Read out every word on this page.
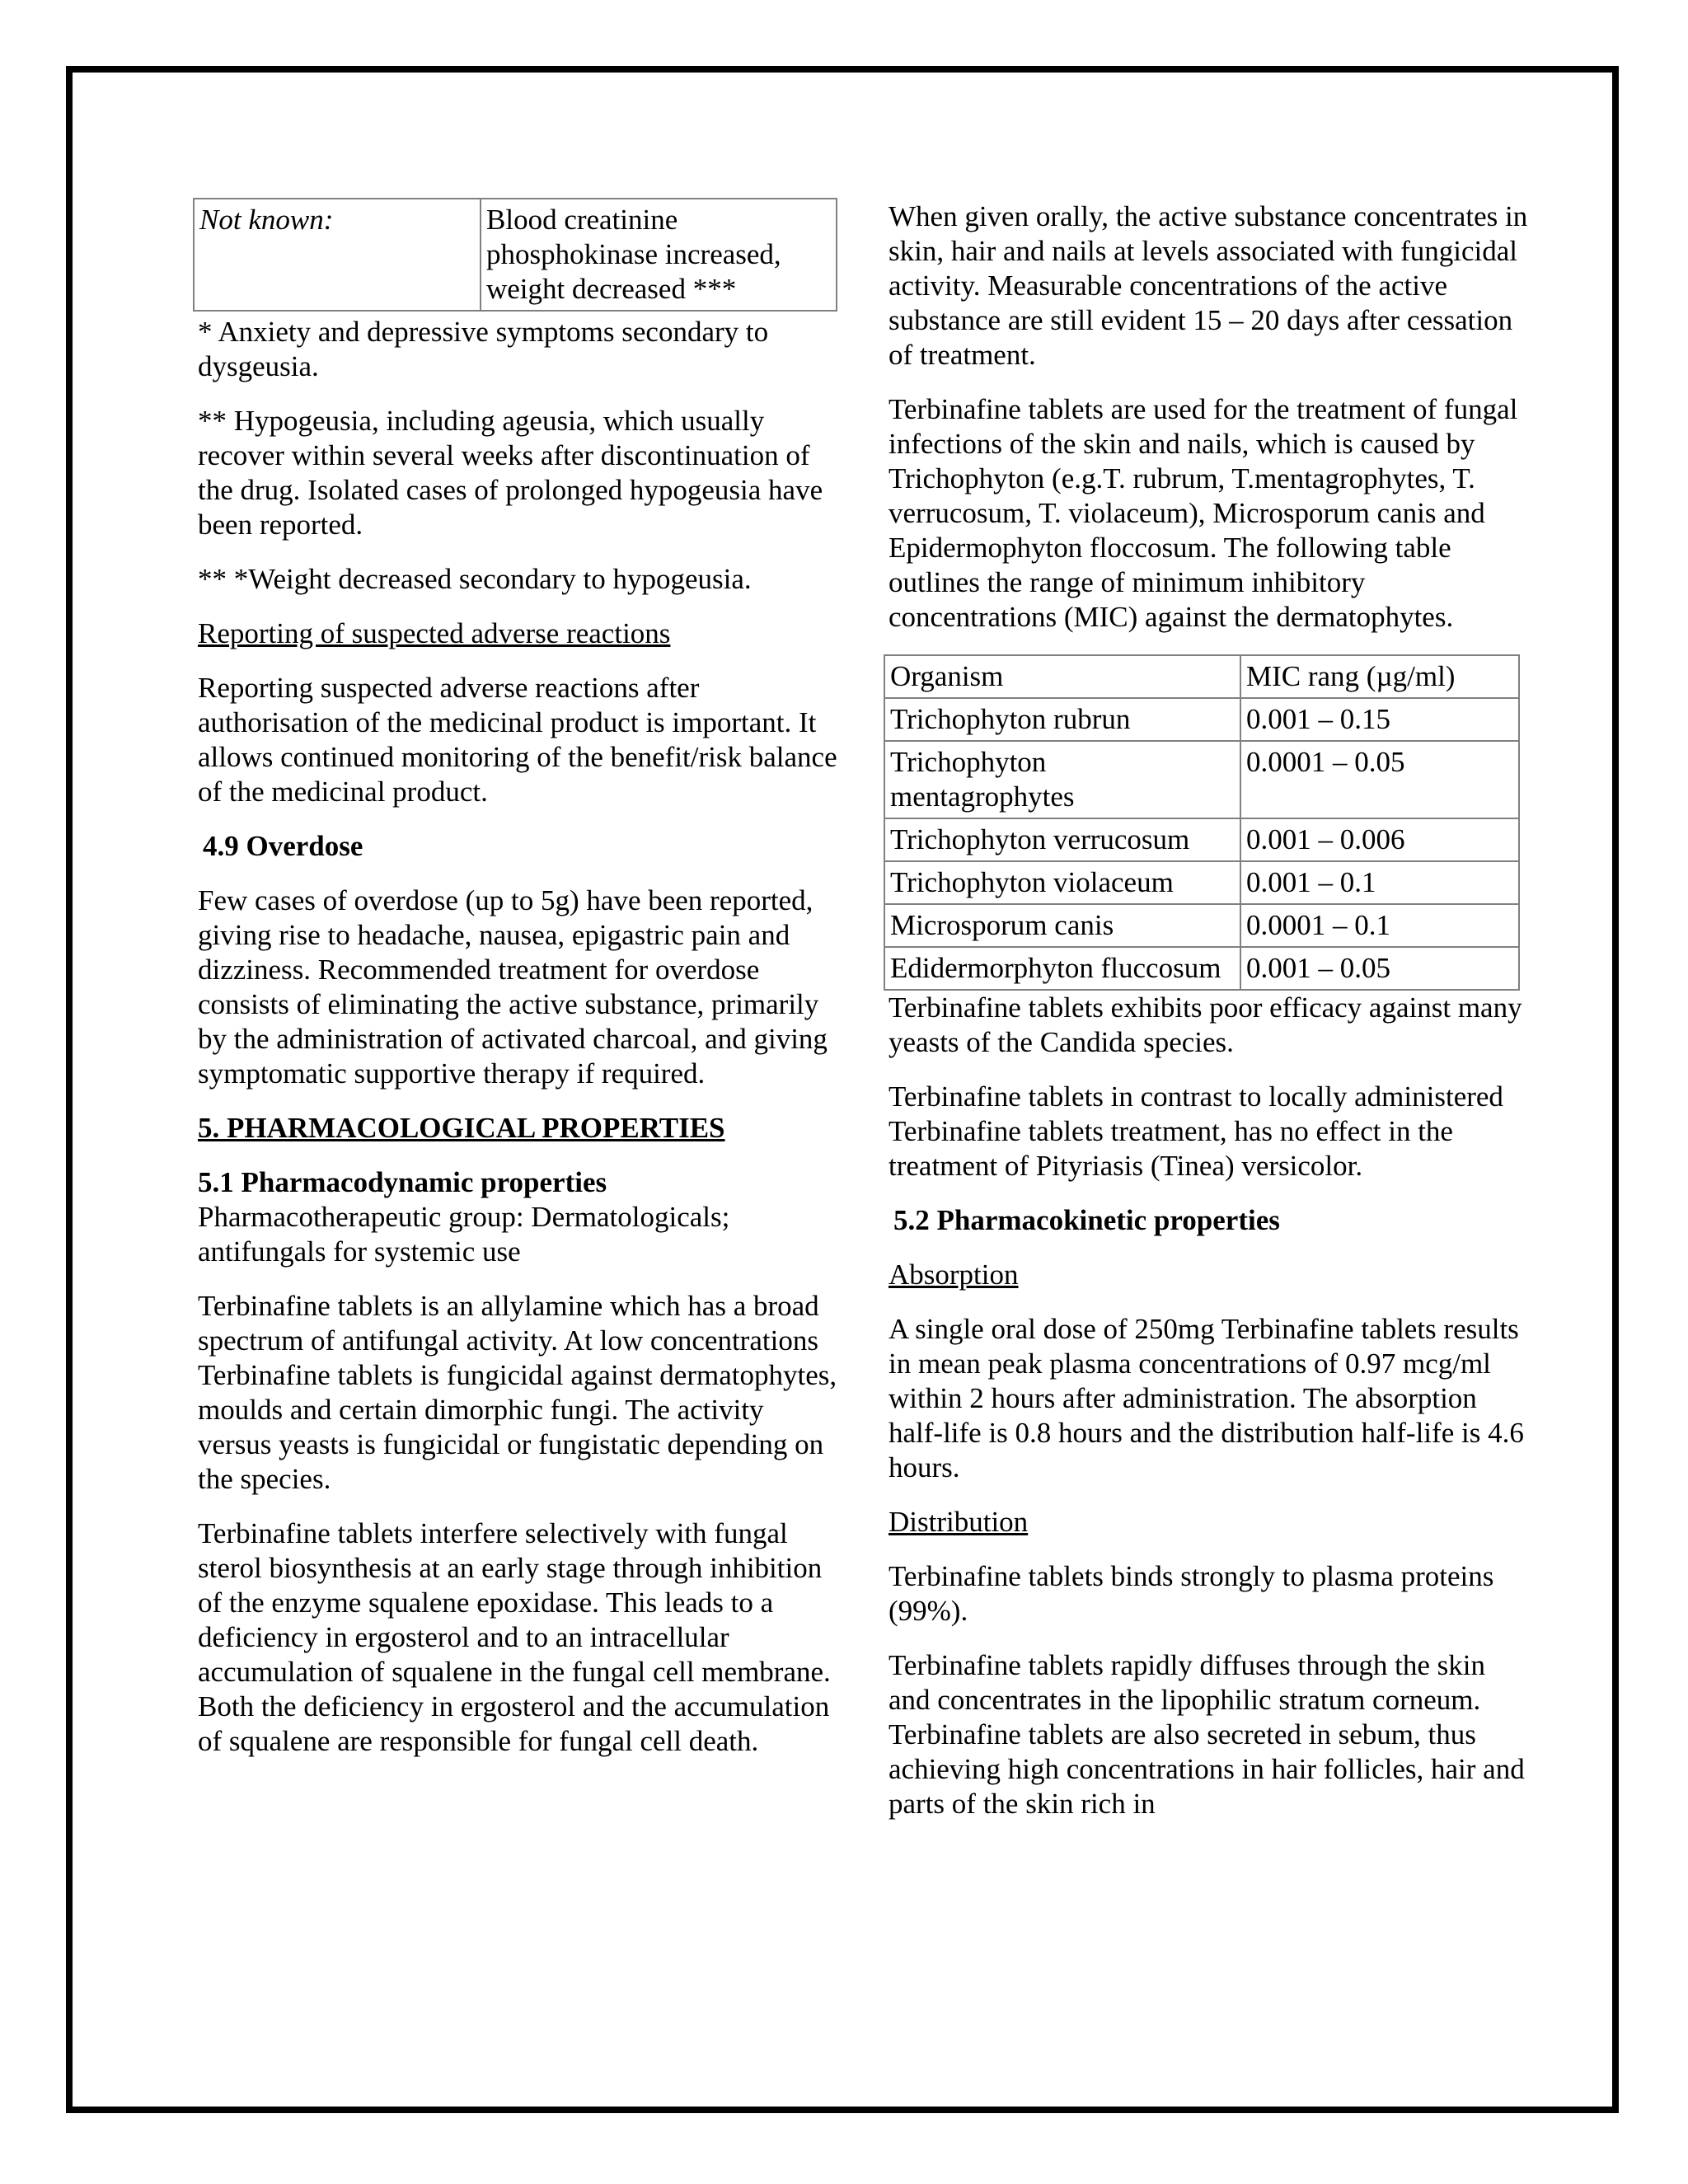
Not known:	Blood creatinine
phosphokinase increased,
weight decreased ***

* Anxiety and depressive symptoms secondary to dysgeusia.

** Hypogeusia, including ageusia, which usually recover within several weeks after discontinuation of the drug. Isolated cases of prolonged hypogeusia have been reported.

** *Weight decreased secondary to hypogeusia.

Reporting of suspected adverse reactions

Reporting suspected adverse reactions after authorisation of the medicinal product is important. It allows continued monitoring of the benefit/risk balance of the medicinal product.

4.9 Overdose

Few cases of overdose (up to 5g) have been reported, giving rise to headache, nausea, epigastric pain and dizziness. Recommended treatment for overdose consists of eliminating the active substance, primarily by the administration of activated charcoal, and giving symptomatic supportive therapy if required.

5. PHARMACOLOGICAL PROPERTIES

5.1 Pharmacodynamic properties
Pharmacotherapeutic group: Dermatologicals; antifungals for systemic use

Terbinafine tablets is an allylamine which has a broad spectrum of antifungal activity. At low concentrations Terbinafine tablets is fungicidal against dermatophytes, moulds and certain dimorphic fungi. The activity versus yeasts is fungicidal or fungistatic depending on the species.

Terbinafine tablets interfere selectively with fungal sterol biosynthesis at an early stage through inhibition of the enzyme squalene epoxidase. This leads to a deficiency in ergosterol and to an intracellular accumulation of squalene in the fungal cell membrane. Both the deficiency in ergosterol and the accumulation of squalene are responsible for fungal cell death.

When given orally, the active substance concentrates in skin, hair and nails at levels associated with fungicidal activity. Measurable concentrations of the active substance are still evident 15 – 20 days after cessation of treatment.

Terbinafine tablets are used for the treatment of fungal infections of the skin and nails, which is caused by Trichophyton (e.g.T. rubrum, T.mentagrophytes, T. verrucosum, T. violaceum), Microsporum canis and Epidermophyton floccosum. The following table outlines the range of minimum inhibitory concentrations (MIC) against the dermatophytes.

Organism	MIC rang (µg/ml)
Trichophyton rubrun	0.001 – 0.15
Trichophyton mentagrophytes	0.0001 – 0.05
Trichophyton verrucosum	0.001 – 0.006
Trichophyton violaceum	0.001 – 0.1
Microsporum canis	0.0001 – 0.1
Edidermorphyton fluccosum	0.001 – 0.05

Terbinafine tablets exhibits poor efficacy against many yeasts of the Candida species.

Terbinafine tablets in contrast to locally administered Terbinafine tablets treatment, has no effect in the treatment of Pityriasis (Tinea) versicolor.

5.2 Pharmacokinetic properties

Absorption

A single oral dose of 250mg Terbinafine tablets results in mean peak plasma concentrations of 0.97 mcg/ml within 2 hours after administration. The absorption half-life is 0.8 hours and the distribution half-life is 4.6 hours.

Distribution

Terbinafine tablets binds strongly to plasma proteins (99%).

Terbinafine tablets rapidly diffuses through the skin and concentrates in the lipophilic stratum corneum. Terbinafine tablets are also secreted in sebum, thus achieving high concentrations in hair follicles, hair and parts of the skin rich in
